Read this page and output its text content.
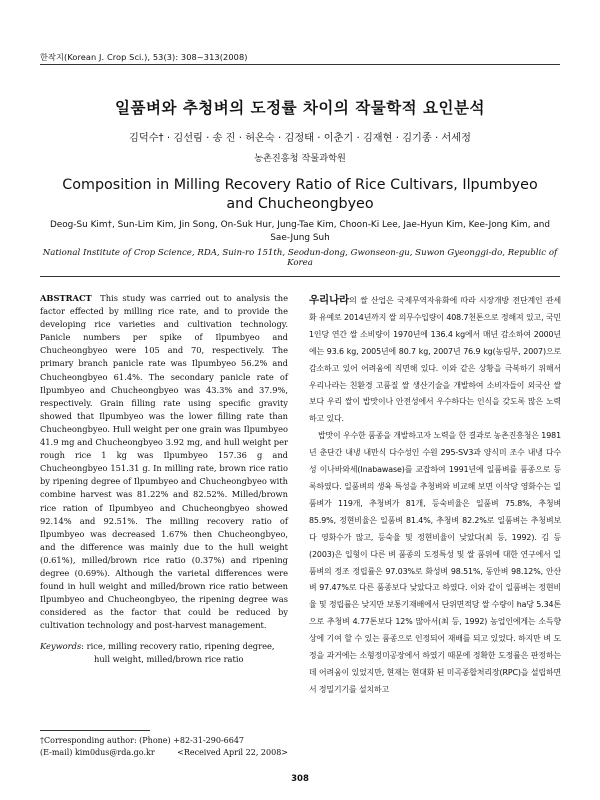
한작지(Korean J. Crop Sci.), 53(3): 308~313(2008)
일품벼와 추청벼의 도정률 차이의 작물학적 요인분석
김덕수† · 김선림 · 송 진 · 허온숙 · 김정태 · 이춘기 · 김재현 · 김기종 · 서세정
농촌진흥청 작물과학원
Composition in Milling Recovery Ratio of Rice Cultivars, Ilpumbyeo and Chucheongbyeo
Deog-Su Kim†, Sun-Lim Kim, Jin Song, On-Suk Hur, Jung-Tae Kim, Choon-Ki Lee, Jae-Hyun Kim, Kee-Jong Kim, and Sae-Jung Suh
National Institute of Crop Science, RDA, Suin-ro 151th, Seodun-dong, Gwonseon-gu, Suwon Gyeonggi-do, Republic of Korea

ABSTRACT This study was carried out to analysis the factor effected by milling rice rate, and to provide the developing rice varieties and cultivation technology. Panicle numbers per spike of Ilpumbyeo and Chucheongbyeo were 105 and 70, respectively. The primary branch panicle rate was Ilpumbyeo 56.2% and Chucheongbyeo 61.4%. The secondary panicle rate of Ilpumbyeo and Chucheongbyeo was 43.3% and 37.9%, respectively. Grain filling rate using specific gravity showed that Ilpumbyeo was the lower filling rate than Chucheongbyeo. Hull weight per one grain was Ilpumbyeo 41.9 mg and Chucheongbyeo 3.92 mg, and hull weight per rough rice 1 kg was Ilpumbyeo 157.36 g and Chucheongbyeo 151.31 g. In milling rate, brown rice ratio by ripening degree of Ilpumbyeo and Chucheongbyeo with combine harvest was 81.22% and 82.52%. Milled/brown rice ration of Ilpumbyeo and Chucheongbyeo showed 92.14% and 92.51%. The milling recovery ratio of Ilpumbyeo was decreased 1.67% then Chucheongbyeo, and the difference was mainly due to the hull weight (0.61%), milled/brown rice ratio (0.37%) and ripening degree (0.69%). Although the varietal differences were found in hull weight and milled/brown rice ratio between Ilpumbyeo and Chucheongbyeo, the ripening degree was considered as the factor that could be reduced by cultivation technology and post-harvest management.

Keywords: rice, milling recovery ratio, ripening degree, hull weight, milled/brown rice ratio
†Corresponding author: (Phone) +82-31-290-6647
(E-mail) kim0dus@rda.go.kr	<Received April 22, 2008>

우리나라의 쌀 산업은 국제무역자유화에 따라 시장개방 전단계인 관세화 유예로 2014년까지 쌀 의무수입량이 408.7천톤으로 정해져 있고, 국민 1인당 연간 쌀 소비량이 1970년에 136.4 kg에서 매년 감소하여 2000년에는 93.6 kg, 2005년에 80.7 kg, 2007년 76.9 kg(농림부, 2007)으로 감소하고 있어 어려움에 직면해 있다. 이와 같은 상황을 극복하기 위해서 우리나라는 친환경 고품질 쌀 생산기술을 개발하여 소비자들이 외국산 쌀보다 우리 쌀이 밥맛이나 안전성에서 우수하다는 인식을 갖도록 많은 노력 하고 있다.

밥맛이 우수한 품종을 개발하고자 노력을 한 결과로 농촌진흥청은 1981년 춘단간 내냉 내만식 다수성인 수원 295-SV3과 양식미 조수 내냉 다수성 이나바와세(Inabawase)를 교잡하여 1991년에 일품벼를 품종으로 등록하였다. 일품벼의 생육 특성을 추청벼와 비교해 보면 이삭당 영화수는 일품벼가 119개, 추청벼가 81개, 등숙비율은 일품벼 75.8%, 추청벼 85.9%, 정현비율은 일품벼 81.4%, 추청벼 82.2%로 일품벼는 추청벼보다 영화수가 많고, 등숙율 및 정현비율이 낮았다(최 등, 1992). 김 등(2003)은 입형이 다른 벼 품종의 도정특성 및 쌀 품위에 대한 연구에서 일품벼의 정조 정립률은 97.03%로 화성벼 98.51%, 동안벼 98.12%, 안산벼 97.47%로 다른 품종보다 낮았다고 하였다. 이와 같이 일품벼는 정현비율 및 정립률은 낮지만 보통기재배에서 단위면적당 쌀 수량이 ha당 5.34톤으로 추청벼 4.77톤보다 12% 많아서(최 등, 1992) 농업인에게는 소득향상에 기여 할 수 있는 품종으로 인정되어 재배를 되고 있었다. 하지만 벼 도정을 과거에는 소형정미공장에서 하였기 때문에 정확한 도정률은 판정하는데 어려움이 있었지만, 현재는 현대화 된 미곡종합처리장(RPC)을 설립하면서 정밀기기를 설치하고

308
